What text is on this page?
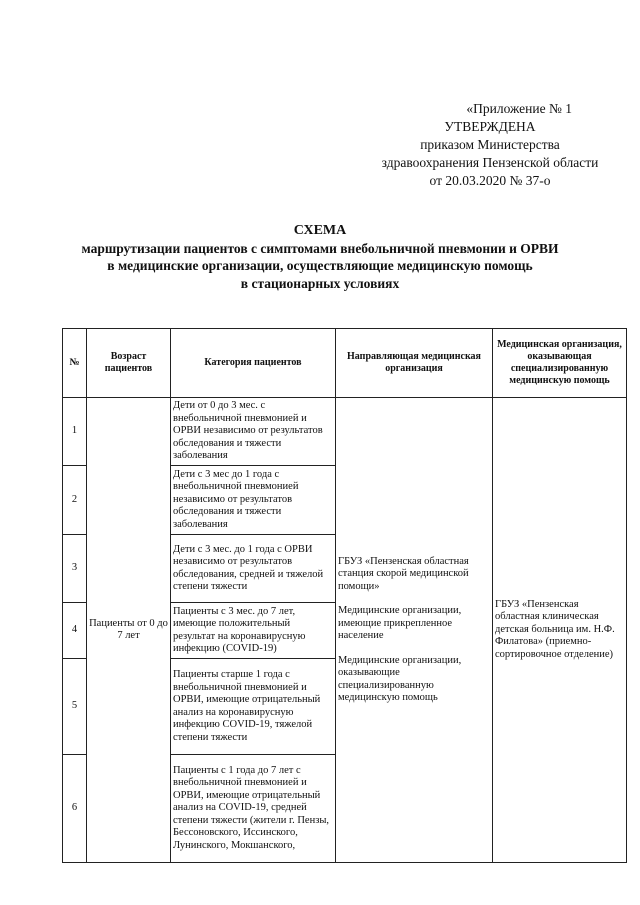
«Приложение № 1
УТВЕРЖДЕНА
приказом Министерства
здравоохранения Пензенской области
от 20.03.2020 № 37-о
СХЕМА
маршрутизации пациентов с симптомами внебольничной пневмонии и ОРВИ
в медицинские организации, осуществляющие медицинскую помощь
в стационарных условиях
№	Возраст пациентов	Категория пациентов	Направляющая медицинская организация	Медицинская организация, оказывающая специализированную медицинскую помощь
1	Пациенты от 0 до 7 лет	Дети от 0 до 3 мес. с внебольничной пневмонией и ОРВИ независимо от результатов обследования и тяжести заболевания	ГБУЗ «Пензенская областная станция скорой медицинской помощи»
Медицинские организации, имеющие прикрепленное население
Медицинские организации, оказывающие специализированную медицинскую помощь	ГБУЗ «Пензенская областная клиническая детская больница им. Н.Ф. Филатова» (приемно-сортировочное отделение)
2		Дети с 3 мес до 1 года с внебольничной пневмонией независимо от результатов обследования и тяжести заболевания		
3		Дети с 3 мес. до 1 года с ОРВИ независимо от результатов обследования, средней и тяжелой степени тяжести		
4		Пациенты с 3 мес. до 7 лет, имеющие положительный результат на коронавирусную инфекцию (COVID-19)		
5		Пациенты старше 1 года с внебольничной пневмонией и ОРВИ, имеющие отрицательный анализ на коронавирусную инфекцию COVID-19, тяжелой степени тяжести		
6		Пациенты с 1 года до 7 лет с внебольничной пневмонией и ОРВИ, имеющие отрицательный анализ на COVID-19, средней степени тяжести (жители г. Пензы, Бессоновского, Иссинского, Лунинского, Мокшанского,		
